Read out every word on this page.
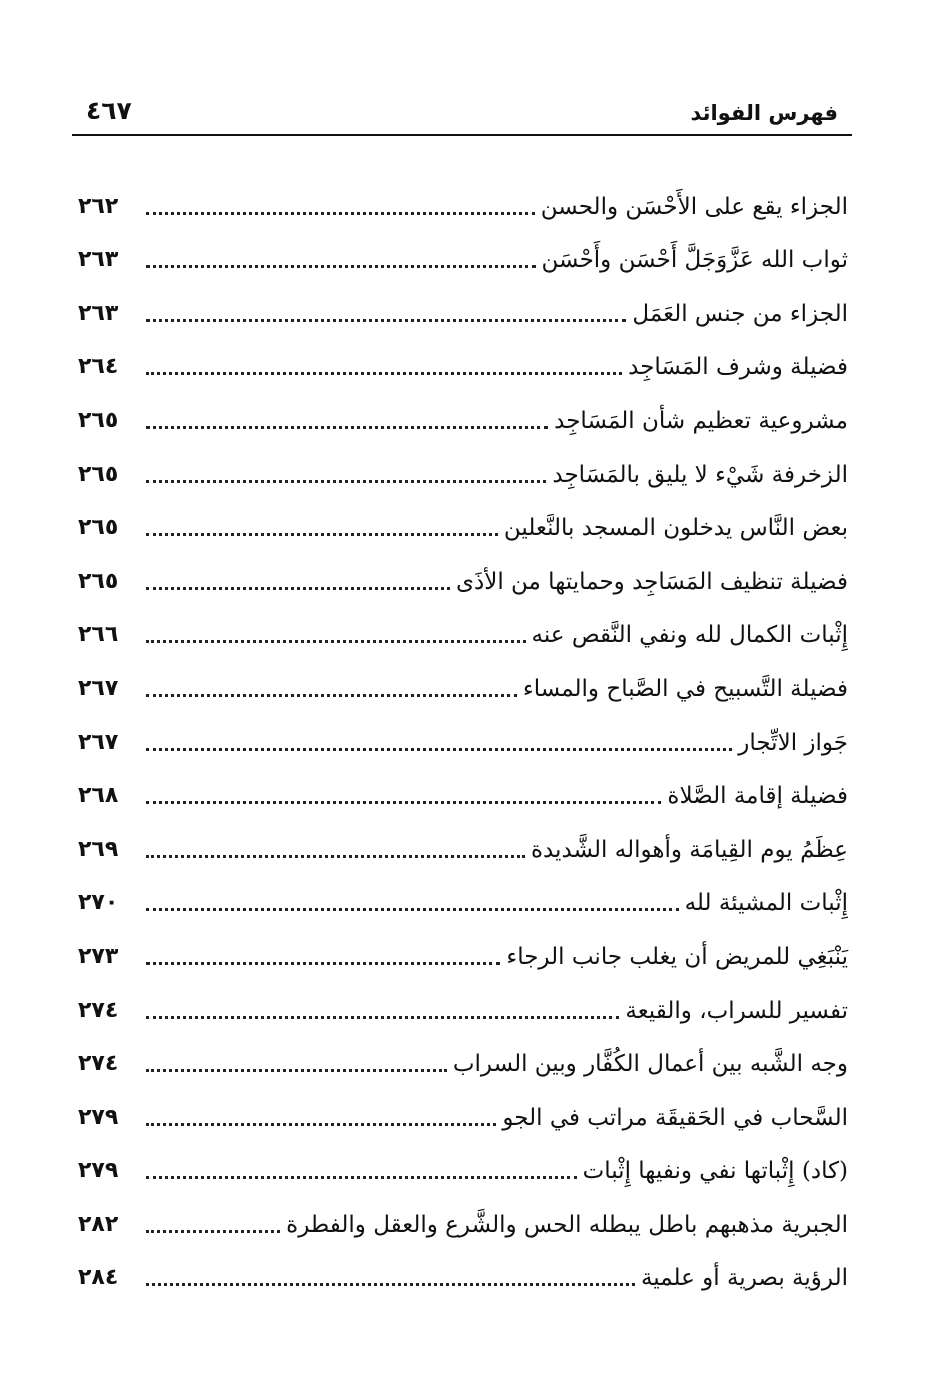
فهرس الفوائد
٤٦٧
الجزاء يقع على الأَحْسَن والحسن
٢٦٢
ثواب الله عَزَّوَجَلَّ أَحْسَن وأَحْسَن
٢٦٣
الجزاء من جنس العَمَل
٢٦٣
فضيلة وشرف المَسَاجِد
٢٦٤
مشروعية تعظيم شأن المَسَاجِد
٢٦٥
الزخرفة شَيْء لا يليق بالمَسَاجِد
٢٦٥
بعض النَّاس يدخلون المسجد بالنَّعلين
٢٦٥
فضيلة تنظيف المَسَاجِد وحمايتها من الأذَى
٢٦٥
إِثْبات الكمال لله ونفي النَّقص عنه
٢٦٦
فضيلة التَّسبيح في الصَّباح والمساء
٢٦٧
جَواز الاتِّجار
٢٦٧
فضيلة إقامة الصَّلاة
٢٦٨
عِظَمُ يوم القِيامَة وأهواله الشَّديدة
٢٦٩
إِثْبات المشيئة لله
٢٧٠
يَنْبَغِي للمريض أن يغلب جانب الرجاء
٢٧٣
تفسير للسراب، والقيعة
٢٧٤
وجه الشَّبه بين أعمال الكُفَّار وبين السراب
٢٧٤
السَّحاب في الحَقيقَة مراتب في الجو
٢٧٩
(كاد) إِثْباتها نفي ونفيها إِثْبات
٢٧٩
الجبرية مذهبهم باطل يبطله الحس والشَّرع والعقل والفطرة
٢٨٢
الرؤية بصرية أو علمية
٢٨٤
